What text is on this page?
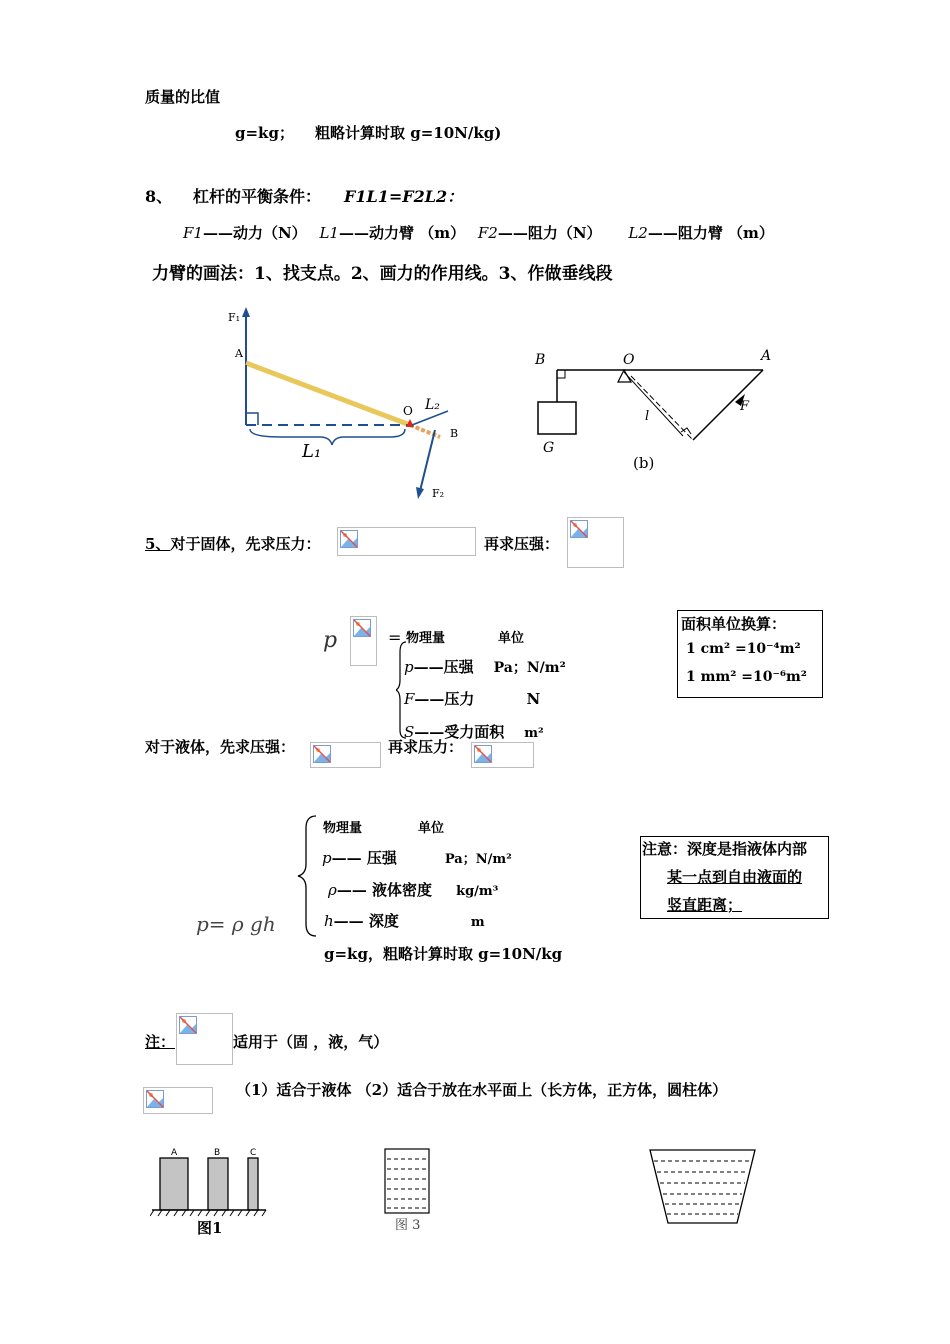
质量的比值
g=kg； 粗略计算时取 g=10N/kg)
8、 杠杆的平衡条件： F1L1=F2L2：
F1——动力（N） L1——动力臂 （m） F2——阻力（N） L2——阻力臂 （m）
力臂的画法：1、找支点。2、画力的作用线。3、作做垂线段
F₁
A
O L₂
B
L₁
F₂
B	O	A
F
l
G
(b)
5、对于固体，先求压力：	再求压强：
p	= 物理量	单位
p——压强 Pa；N/m²
F——压力	N
S——受力面积 m²
面积单位换算：
1 cm² =10⁻⁴m²
1 mm² =10⁻⁶m²
对于液体，先求压强：	再求压力：
物理量	单位
p—— 压强	Pa；N/m²
ρ—— 液体密度 kg/m³
h—— 深度	m
p= ρ gh
g=kg，粗略计算时取 g=10N/kg
注意：深度是指液体内部
某一点到自由液面的
竖直距离；
注：	适用于（固 ，液，气）
（1）适合于液体 （2）适合于放在水平面上（长方体，正方体，圆柱体）
A	B	C
图1	图 3
